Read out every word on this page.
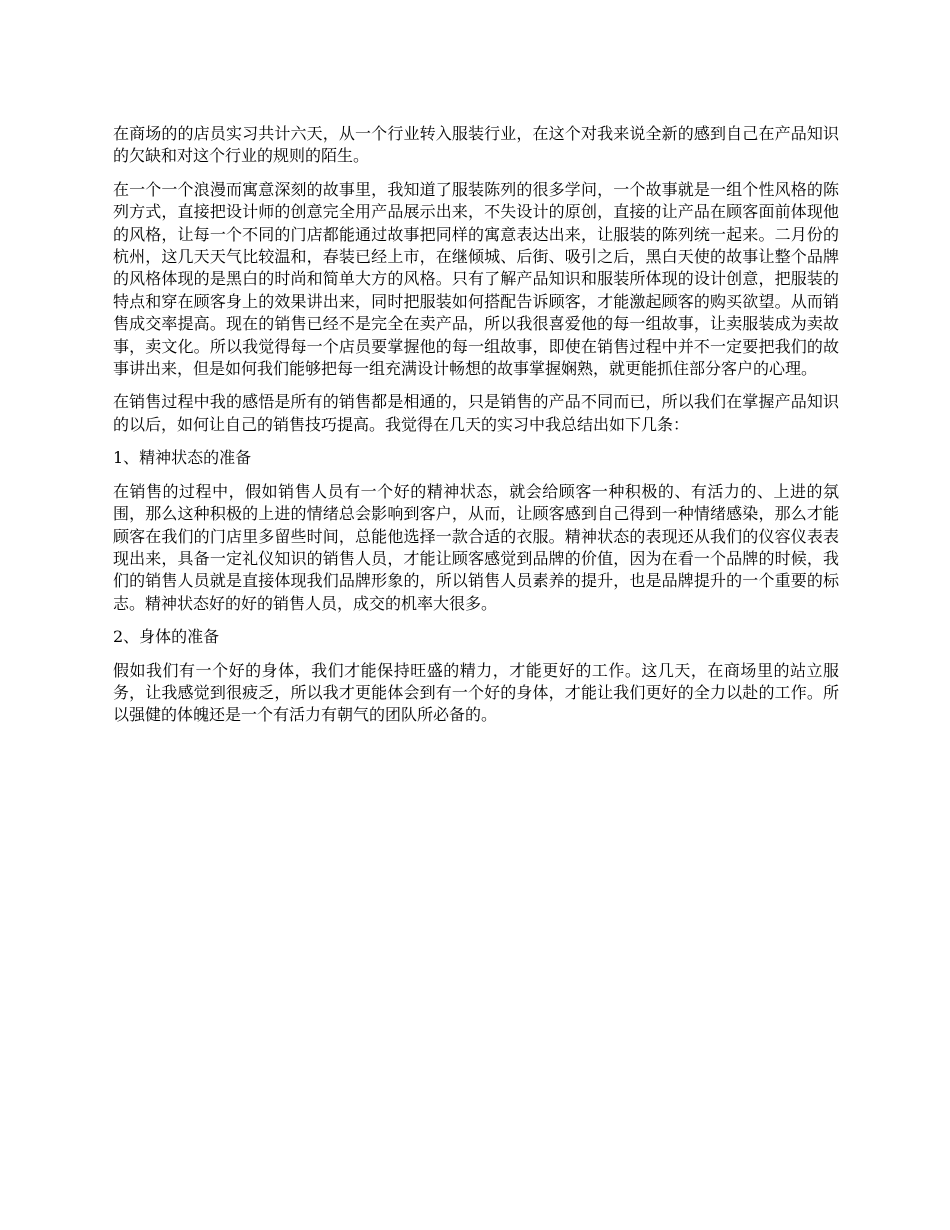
在商场的的店员实习共计六天，从一个行业转入服装行业，在这个对我来说全新的感到自己在产品知识的欠缺和对这个行业的规则的陌生。

在一个一个浪漫而寓意深刻的故事里，我知道了服装陈列的很多学问，一个故事就是一组个性风格的陈列方式，直接把设计师的创意完全用产品展示出来，不失设计的原创，直接的让产品在顾客面前体现他的风格，让每一个不同的门店都能通过故事把同样的寓意表达出来，让服装的陈列统一起来。二月份的杭州，这几天天气比较温和，春装已经上市，在继倾城、后街、吸引之后，黑白天使的故事让整个品牌的风格体现的是黑白的时尚和简单大方的风格。只有了解产品知识和服装所体现的设计创意，把服装的特点和穿在顾客身上的效果讲出来，同时把服装如何搭配告诉顾客，才能激起顾客的购买欲望。从而销售成交率提高。现在的销售已经不是完全在卖产品，所以我很喜爱他的每一组故事，让卖服装成为卖故事，卖文化。所以我觉得每一个店员要掌握他的每一组故事，即使在销售过程中并不一定要把我们的故事讲出来，但是如何我们能够把每一组充满设计畅想的故事掌握娴熟，就更能抓住部分客户的心理。

在销售过程中我的感悟是所有的销售都是相通的，只是销售的产品不同而已，所以我们在掌握产品知识的以后，如何让自己的销售技巧提高。我觉得在几天的实习中我总结出如下几条：

1、精神状态的准备

在销售的过程中，假如销售人员有一个好的精神状态，就会给顾客一种积极的、有活力的、上进的氛围，那么这种积极的上进的情绪总会影响到客户，从而，让顾客感到自己得到一种情绪感染，那么才能顾客在我们的门店里多留些时间，总能他选择一款合适的衣服。精神状态的表现还从我们的仪容仪表表现出来，具备一定礼仪知识的销售人员，才能让顾客感觉到品牌的价值，因为在看一个品牌的时候，我们的销售人员就是直接体现我们品牌形象的，所以销售人员素养的提升，也是品牌提升的一个重要的标志。精神状态好的好的销售人员，成交的机率大很多。

2、身体的准备

假如我们有一个好的身体，我们才能保持旺盛的精力，才能更好的工作。这几天，在商场里的站立服务，让我感觉到很疲乏，所以我才更能体会到有一个好的身体，才能让我们更好的全力以赴的工作。所以强健的体魄还是一个有活力有朝气的团队所必备的。
